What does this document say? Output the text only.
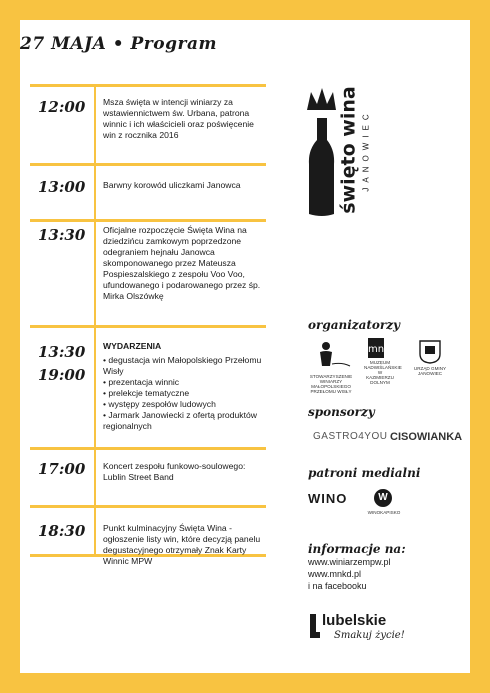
27 MAJA • Program
12:00 Msza święta w intencji winiarzy za wstawiennictwem św. Urbana, patrona winnic i ich właścicieli oraz poświęcenie win z rocznika 2016
13:00 Barwny korowód uliczkami Janowca
13:30 Oficjalne rozpoczęcie Święta Wina na dziedzińcu zamkowym poprzedzone odegraniem hejnału Janowca skomponowanego przez Mateusza Pospieszalskiego z zespołu Voo Voo, ufundowanego i podarowanego przez śp. Mirka Olszówkę
13:30
19:00
WYDARZENIA
• degustacja win Małopolskiego Przełomu Wisły
• prezentacja winnic
• prelekcje tematyczne
• występy zespołów ludowych
• Jarmark Janowiecki z ofertą produktów regionalnych
17:00 Koncert zespołu funkowo-soulowego: Lublin Street Band
18:30 Punkt kulminacyjny Święta Wina - ogłoszenie listy win, które decyzją panelu degustacyjnego otrzymały Znak Karty Winnic MPW
święto wina JANOWIEC
organizatorzy
STOWARZYSZENIE WINIARZY MAŁOPOLSKIEGO PRZEŁOMU WISŁY
mn
MUZEUM NADWIŚLAŃSKIE W KAZIMIERZU DOLNYM
URZĄD GMINY JANOWIEC
sponsorzy
GASTRO4YOU CISOWIANKA
patroni medialni
WINO	W
WINOKAPISKO
informacje na:
www.winiarzempw.pl
www.mnkd.pl
i na facebooku
lubelskie
Smakuj życie!
